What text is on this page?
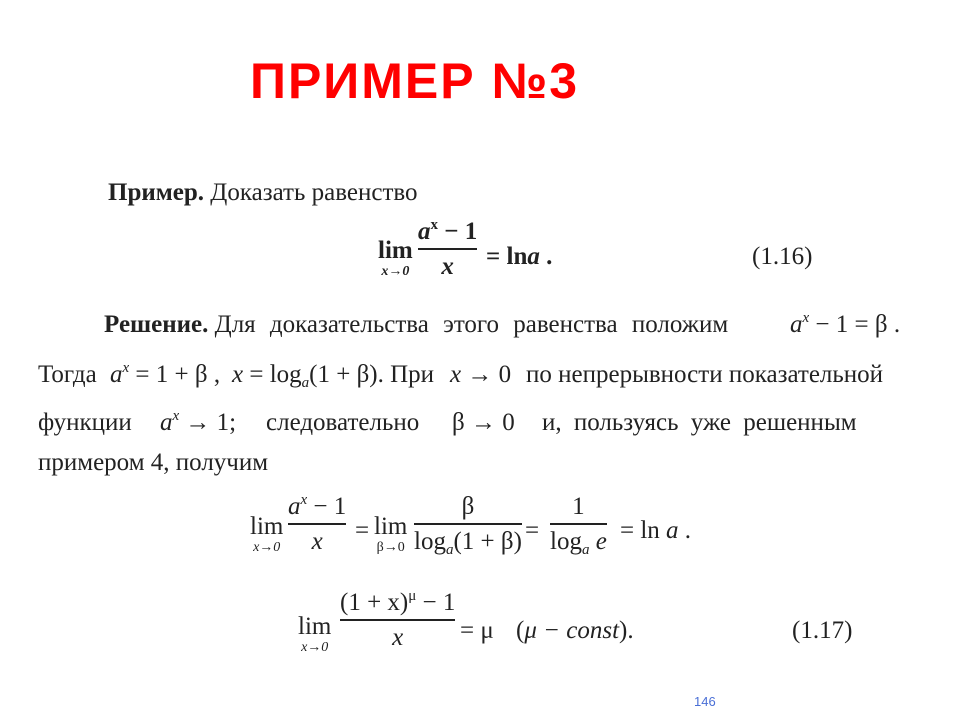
ПРИМЕР №3
Пример. Доказать равенство
lim
x→0
$a^x - 1$
x = lna .	(1.16)
Решение. Для доказательства этого равенства положим $a^x - 1 = \beta$ .
Тогда $a^x = 1 + \beta$ , $x = \log_a(1 + \beta)$. При x → 0 по непрерывности показательной
функции $a^x \to 1$; следовательно β → 0 и, пользуясь уже решенным
примером 4, получим
lim
x→0
$a^x - 1$
x = lim
β→0
β
$\log_a(1 + \beta)$ =
1
$\log_a e = \ln a$ .
lim
x→0
$(1 + x)^\mu - 1$
x = μ (μ − const).	(1.17)
146
